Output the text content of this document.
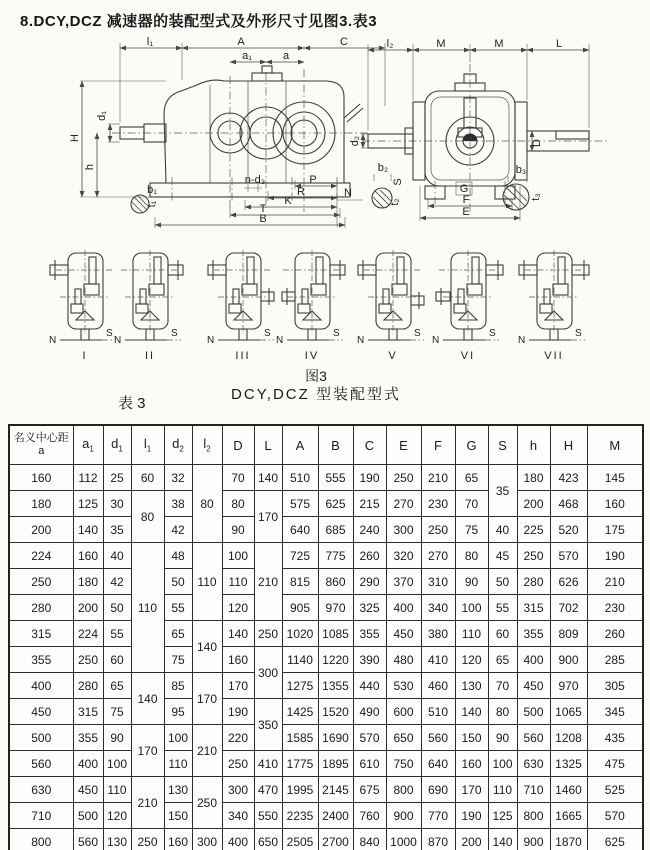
8.DCY,DCZ 减速器的装配型式及外形尺寸见图3.表3
l₁	A	C
a₁	a
H
h
d₁
b₁
n-d₃	P
R	N
K
T
B
t₁
l₂	M	M	L
d₂	D
G
F
E
b₂
S
t₂
b₃
t₃
N
S
I
N
S
II
N
S
III
N
S
IV
N
S
V
N
S
VI
N
S
VII
图3
DCY,DCZ 型装配型式
表 3
名义中心距
a	$a_1$	$d_1$	$l_1$	$d_2$	$l_2$	D	L	A	B	C	E	F	G	S	h	H	M
160	112	25	60	32	80	70	140	510	555	190	250	210	65	35	180	423	145
180	125	30	80	38		80	170	575	625	215	270	230	70		200	468	160
200	140	35		42		90		640	685	240	300	250	75	40	225	520	175
224	160	40	110	48	110	100	210	725	775	260	320	270	80	45	250	570	190
250	180	42		50		110		815	860	290	370	310	90	50	280	626	210
280	200	50		55		120		905	970	325	400	340	100	55	315	702	230
315	224	55		65	140	140	250	1020	1085	355	450	380	110	60	355	809	260
355	250	60		75		160	300	1140	1220	390	480	410	120	65	400	900	285
400	280	65	140	85	170	170		1275	1355	440	530	460	130	70	450	970	305
450	315	75		95		190	350	1425	1520	490	600	510	140	80	500	1065	345
500	355	90	170	100	210	220		1585	1690	570	650	560	150	90	560	1208	435
560	400	100		110		250	410	1775	1895	610	750	640	160	100	630	1325	475
630	450	110	210	130	250	300	470	1995	2145	675	800	690	170	110	710	1460	525
710	500	120		150		340	550	2235	2400	760	900	770	190	125	800	1665	570
800	560	130	250	160	300	400	650	2505	2700	840	1000	870	200	140	900	1870	625
